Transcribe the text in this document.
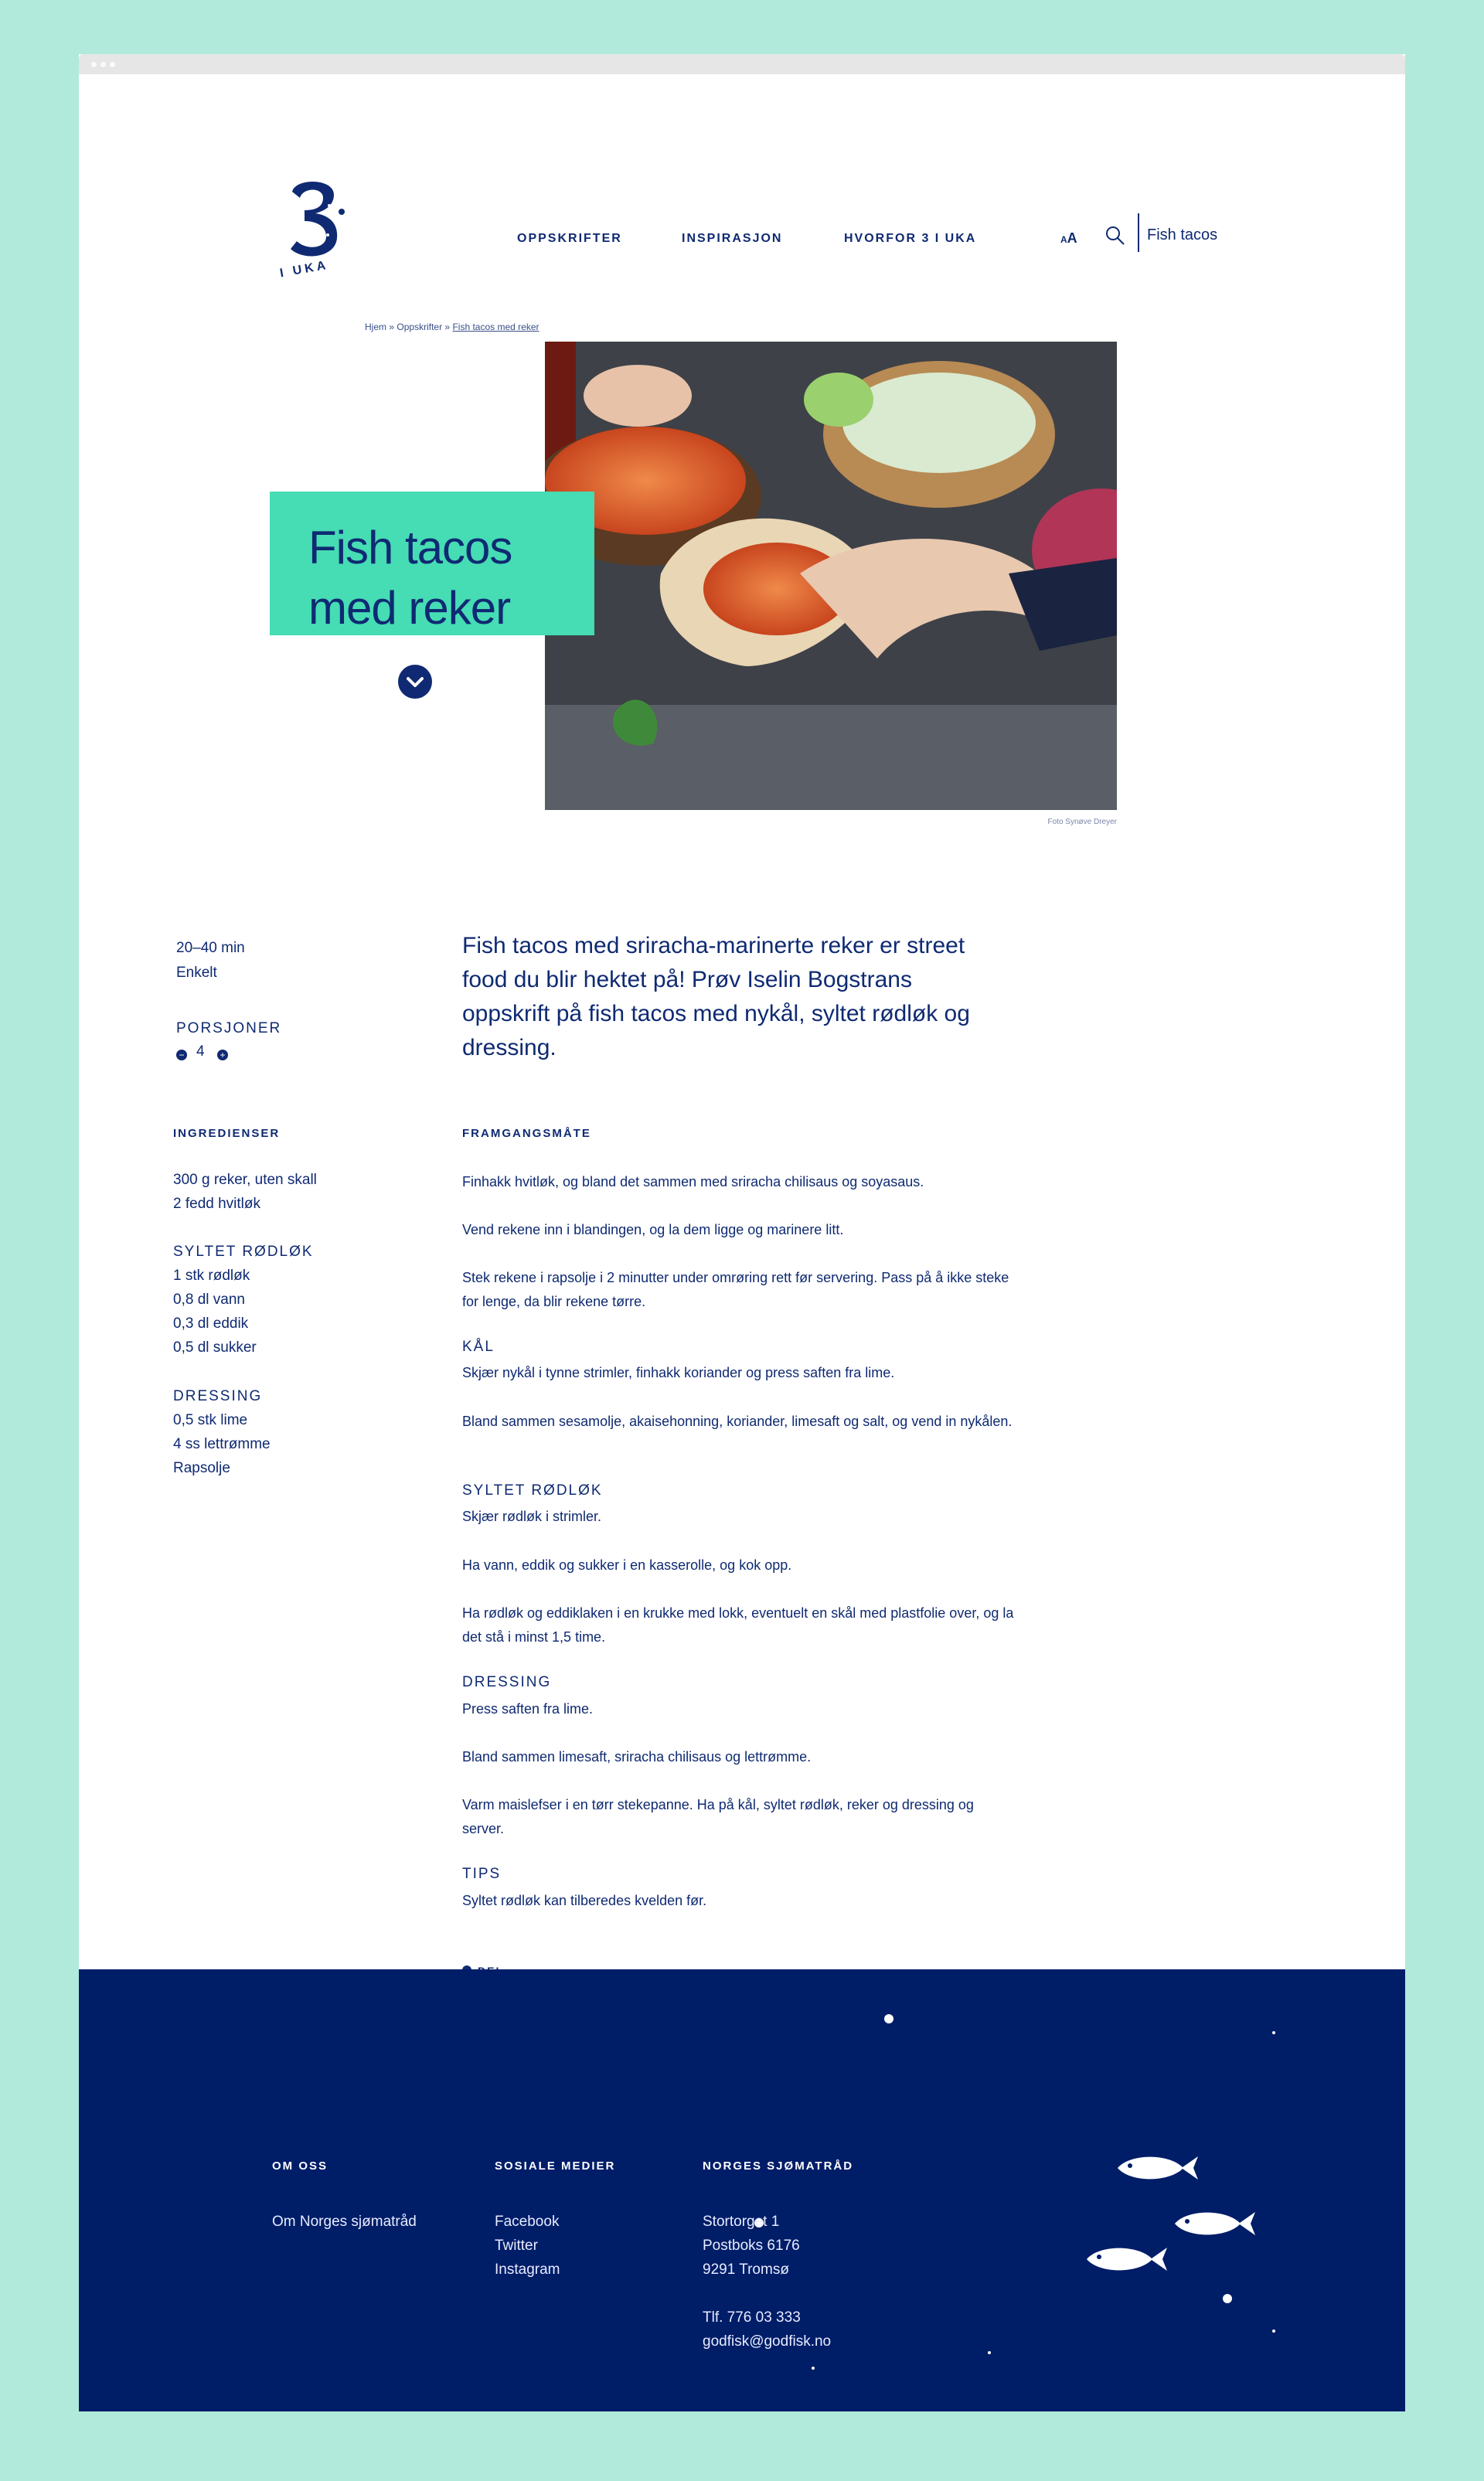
I UKA
OPPSKRIFTER	INSPIRASJON	HVORFOR 3 I UKA	AA
Fish tacos
Hjem » Oppskrifter » Fish tacos med reker
Foto Synøve Dreyer
Fish tacos med reker
20–40 min
Enkelt
PORSJONER
− 4 +

Fish tacos med sriracha-marinerte reker er street food du blir hektet på! Prøv Iselin Bogstrans oppskrift på fish tacos med nykål, syltet rødløk og dressing.

INGREDIENSER
300 g reker, uten skall
2 fedd hvitløk
SYLTET RØDLØK
1 stk rødløk
0,8 dl vann
0,3 dl eddik
0,5 dl sukker
DRESSING
0,5 stk lime
4 ss lettrømme
Rapsolje
FRAMGANGSMÅTE

Finhakk hvitløk, og bland det sammen med sriracha chilisaus og soyasaus.

Vend rekene inn i blandingen, og la dem ligge og marinere litt.

Stek rekene i rapsolje i 2 minutter under omrøring rett før servering. Pass på å ikke steke for lenge, da blir rekene tørre.

KÅL

Skjær nykål i tynne strimler, finhakk koriander og press saften fra lime.

Bland sammen sesamolje, akaisehonning, koriander, limesaft og salt, og vend in nykålen.

SYLTET RØDLØK

Skjær rødløk i strimler.

Ha vann, eddik og sukker i en kasserolle, og kok opp.

Ha rødløk og eddiklaken i en krukke med lokk, eventuelt en skål med plastfolie over, og la det stå i minst 1,5 time.

DRESSING

Press saften fra lime.

Bland sammen limesaft, sriracha chilisaus og lettrømme.

Varm maislefser i en tørr stekepanne. Ha på kål, syltet rødløk, reker og dressing og server.

TIPS

Syltet rødløk kan tilberedes kvelden før.

OM OSS
Om Norges sjømatråd
SOSIALE MEDIER
Facebook
Twitter
Instagram
NORGES SJØMATRÅD
Stortorget 1
Postboks 6176
9291 Tromsø
Tlf. 776 03 333
godfisk@godfisk.no
